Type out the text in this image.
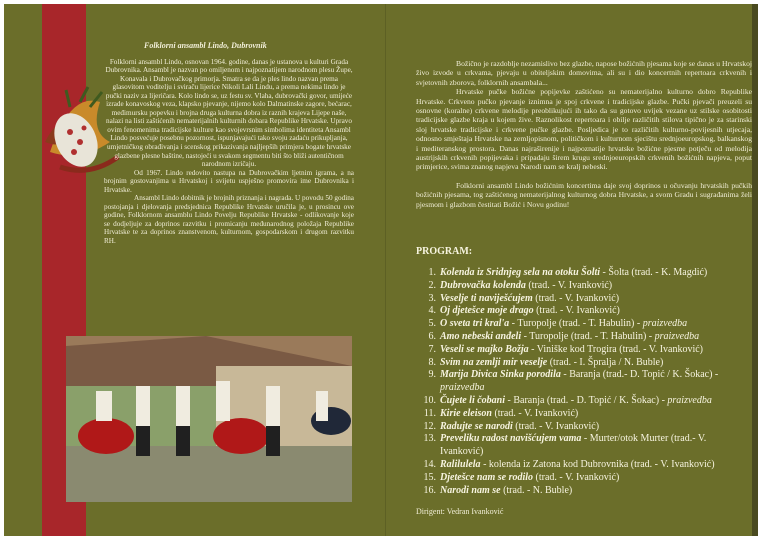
Folklorni ansambl Lindo, Dubrovnik

Folklorni ansambl Lindo, osnovan 1964. godine, danas je ustanova u kulturi Grada Dubrovnika. Ansambl je nazvan po omiljenom i najpoznatijem narodnom plesu Župe, Konavala i Dubrovačkog primorja. Smatra se da je ples lindo nazvan prema glasovitom voditelju i sviraču lijerice Nikoli Lali Lindu, a prema nekima lindo je pučki naziv za lijeričara. Kolo lindo se, uz festu sv. Vlaha, dubrovački govor, umijeće izrade konavoskog veza, klapsko pjevanje, nijemo kolo Dalmatinske zagore, bećarac, međimursku popevku i brojna druga kulturna dobra iz raznih krajeva Lijepe naše, nalazi na listi zaštićenih nematerijalnih kulturnih dobara Republike Hrvatske. Upravo ovim fenomenima tradicijske kulture kao svojevrsnim simbolima identiteta Ansambl Lindo posvećuje posebnu pozornost, ispunjavajući tako svoju zadaću prikupljanja, umjetničkog obrađivanja i scenskog prikazivanja najljepših primjera bogate hrvatske glazbene plesne baštine, nastojeći u svakom segmentu biti što bliži autentičnom narodnom izričaju.

Od 1967. Lindo redovito nastupa na Dubrovačkim ljetnim igrama, a na brojnim gostovanjima u Hrvatskoj i svijetu uspješno promovira ime Dubrovnika i Hrvatske.

Ansambl Lindo dobitnik je brojnih priznanja i nagrada. U povodu 50 godina postojanja i djelovanja predsjednica Republike Hrvatske uručila je, u prosincu ove godine, Folklornom ansamblu Lindo Povelju Republike Hrvatske - odlikovanje koje se dodjeljuje za doprinos razvitku i promicanju međunarodnog položaja Republike Hrvatske te za doprinos znanstvenom, kulturnom, gospodarskom i drugom razvitku RH.

Božično je razdoblje nezamislivo bez glazbe, napose božićnih pjesama koje se danas u Hrvatskoj živo izvode u crkvama, pjevaju u obiteljskim domovima, ali su i dio koncertnih repertoara crkvenih i svjetovnih zborova, folklornih ansambala...

Hrvatske pučke božićne popijevke zaštićeno su nematerijalno kulturno dobro Republike Hrvatske. Crkveno pučko pjevanje iznimna je spoj crkvene i tradicijske glazbe. Pučki pjevači preuzeli su osnovne (koralne) crkvene melodije preoblikujući ih tako da su gotovo uvijek vezane uz stilske osobitosti tradicijske glazbe kraja u kojem žive. Raznolikost repertoara i obilje različitih stilova tipično je za starinski sloj hrvatske tradicijske i crkvene pučke glazbe. Posljedica je to različitih kulturno-povijesnih utjecaja, odnosno smještaja Hrvatske na zemljopisnom, političkom i kulturnom sjecištu srednjoeuropskog, balkanskog i mediteranskog prostora. Danas najraširenije i najpoznatije hrvatske božićne pjesme potječu od melodija austrijskih crkvenih popijevaka i pripadaju širem krugu srednjoeuropskih crkvenih božićnih napjeva, poput primjerice, svima znanog napjeva Narodi nam se kralj nebeski.

Folklorni ansambl Lindo božićnim koncertima daje svoj doprinos u očuvanju hrvatskih pučkih božićnih pjesama, tog zaštićenog nematerijalnog kulturnog dobra Hrvatske, a svom Gradu i sugrađanima želi pjesmom i glazbom čestitati Božić i Novu godinu!

PROGRAM:
1. Kolenda iz Sridnjeg sela na otoku Šolti - Šolta (trad. - K. Magdić)
2. Dubrovačka kolenda (trad. - V. Ivanković)
3. Veselje ti naviješćujem (trad. - V. Ivanković)
4. Oj djetešce moje drago (trad. - V. Ivanković)
5. O sveta tri kral'a - Turopolje (trad. - T. Habulin) - praizvedba
6. Amo nebeski anđeli - Turopolje (trad. - T. Habulin) - praizvedba
7. Veseli se majko Božja - Viniške kod Trogira (trad. - V. Ivanković)
8. Svim na zemlji mir veselje (trad. - I. Špralja / N. Buble)
9. Marija Divica Sinka porodila - Baranja (trad.- D. Topić / K. Šokac) - praizvedba
10. Čujete li čobani - Baranja (trad. - D. Topić / K. Šokac) - praizvedba
11. Kirie eleison (trad. - V. Ivanković)
12. Radujte se narodi (trad. - V. Ivanković)
13. Preveliku radost navišćujem vama - Murter/otok Murter (trad.- V. Ivanković)
14. Ralilulela - kolenda iz Zatona kod Dubrovnika (trad. - V. Ivanković)
15. Djetešce nam se rodilo (trad. - V. Ivanković)
16. Narodi nam se (trad. - N. Buble)
Dirigent: Vedran Ivanković
